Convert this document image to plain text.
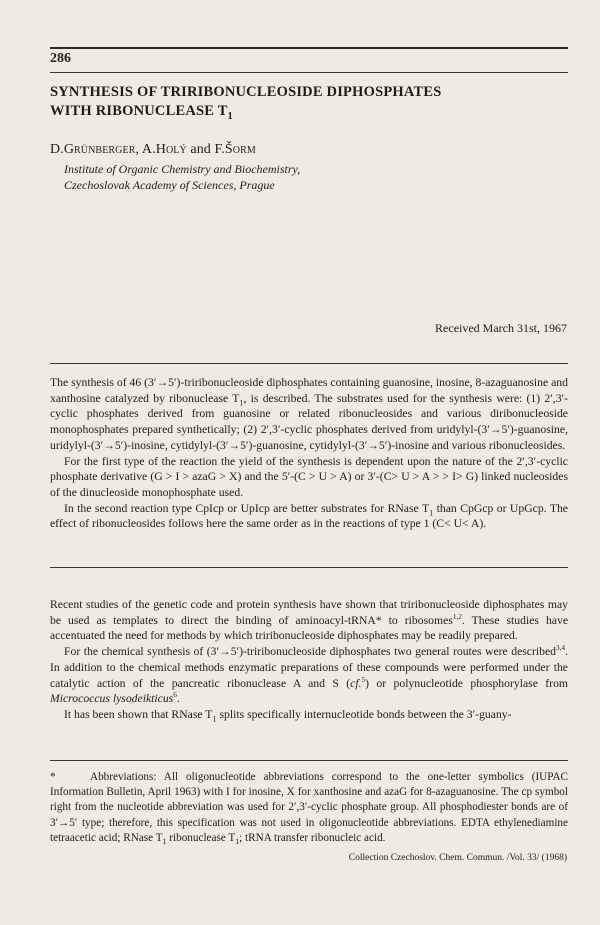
286
SYNTHESIS OF TRIRIBONUCLEOSIDE DIPHOSPHATES
WITH RIBONUCLEASE $T_1$
D.Grünberger, A.Holý and F.Šorm
Institute of Organic Chemistry and Biochemistry,
Czechoslovak Academy of Sciences, Prague
Received March 31st, 1967

The synthesis of 46 (3′→5′)-triribonucleoside diphosphates containing guanosine, inosine, 8-azaguanosine and xanthosine catalyzed by ribonuclease $T_1$, is described. The substrates used for the synthesis were: (1) 2′,3′-cyclic phosphates derived from guanosine or related ribonucleosides and various diribonucleoside monophosphates prepared synthetically; (2) 2′,3′-cyclic phosphates derived from uridylyl-(3′→5′)-guanosine, uridylyl-(3′→5′)-inosine, cytidylyl-(3′→5′)-guanosine, cytidylyl-(3′→5′)-inosine and various ribonucleosides.

For the first type of the reaction the yield of the synthesis is dependent upon the nature of the 2′,3′-cyclic phosphate derivative (G > I > azaG > X) and the 5′-(C > U > A) or 3′-(C> U > A > > I> G) linked nucleosides of the dinucleoside monophosphate used.

In the second reaction type CpIcp or UpIcp are better substrates for RNase $T_1$ than CpGcp or UpGcp. The effect of ribonucleosides follows here the same order as in the reactions of type 1 (C< U< A).

Recent studies of the genetic code and protein synthesis have shown that triribonucleoside diphosphates may be used as templates to direct the binding of aminoacyl-tRNA* to ribosomes$^{1,2}$. These studies have accentuated the need for methods by which triribonucleoside diphosphates may be readily prepared.

For the chemical synthesis of (3′→5′)-triribonucleoside diphosphates two general routes were described$^{3,4}$. In addition to the chemical methods enzymatic preparations of these compounds were performed under the catalytic action of the pancreatic ribonuclease A and S (cf.$^5$) or polynucleotide phosphorylase from Micrococcus lysodeikticus$^6$.

It has been shown that RNase $T_1$ splits specifically internucleotide bonds between the 3′-guany-

*	Abbreviations: All oligonucleotide abbreviations correspond to the one-letter symbolics (IUPAC Information Bulletin, April 1963) with I for inosine, X for xanthosine and azaG for 8-azaguanosine. The cp symbol right from the nucleotide abbreviation was used for 2′,3′-cyclic phosphate group. All phosphodiester bonds are of 3′→5′ type; therefore, this specification was not used in oligonucleotide abbreviations. EDTA ethylenediamine tetraacetic acid; RNase $T_1$ ribonuclease $T_1$; tRNA transfer ribonucleic acid.
Collection Czechoslov. Chem. Commun. /Vol. 33/ (1968)
